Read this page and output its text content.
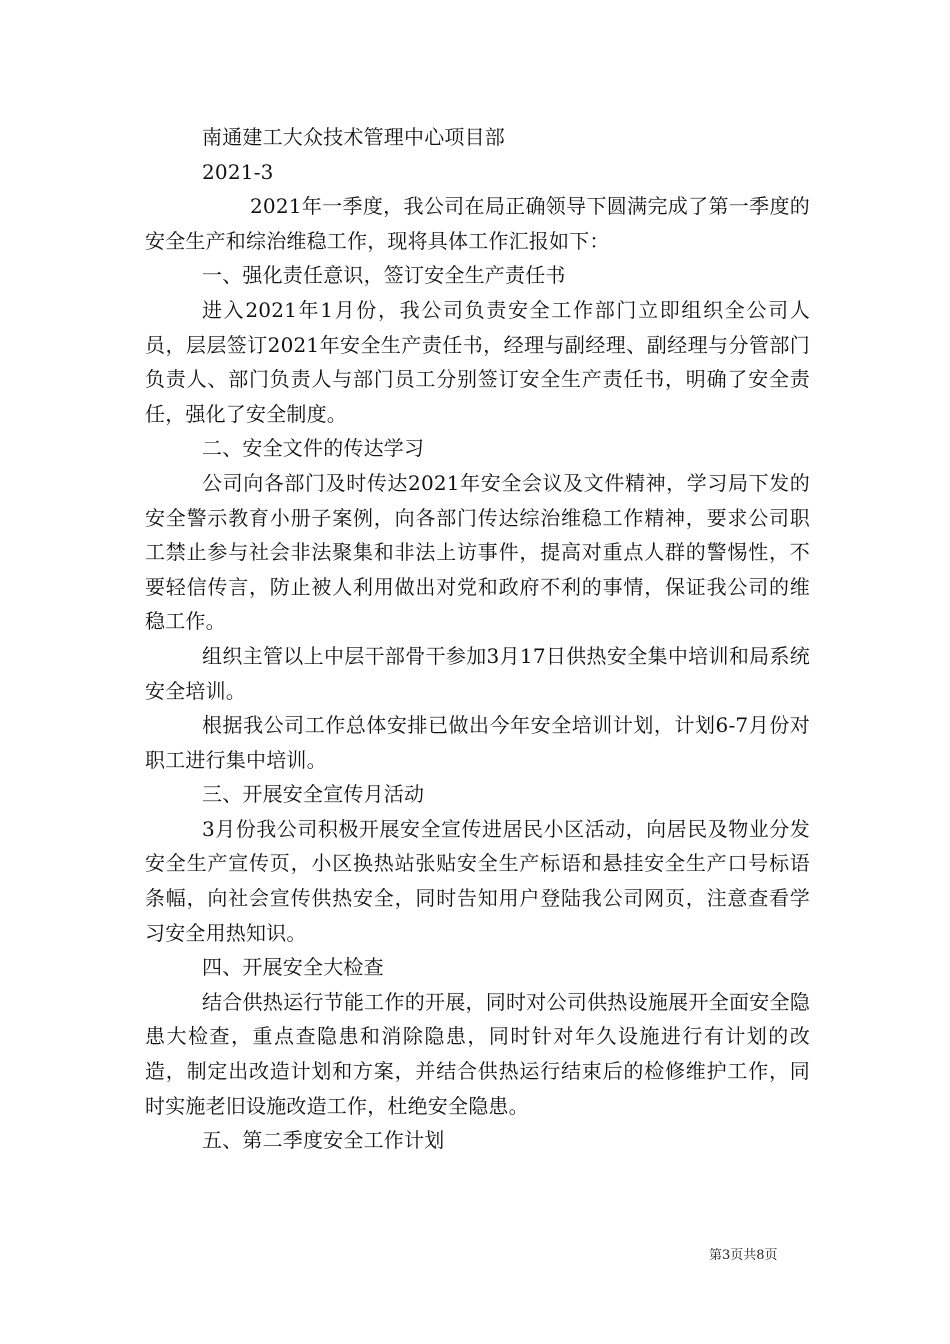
南通建工大众技术管理中心项目部

2021-3

2021年一季度，我公司在局正确领导下圆满完成了第一季度的安全生产和综治维稳工作，现将具体工作汇报如下：

一、强化责任意识，签订安全生产责任书

进入2021年1月份，我公司负责安全工作部门立即组织全公司人员，层层签订2021年安全生产责任书，经理与副经理、副经理与分管部门负责人、部门负责人与部门员工分别签订安全生产责任书，明确了安全责任，强化了安全制度。

二、安全文件的传达学习

公司向各部门及时传达2021年安全会议及文件精神，学习局下发的安全警示教育小册子案例，向各部门传达综治维稳工作精神，要求公司职工禁止参与社会非法聚集和非法上访事件，提高对重点人群的警惕性，不要轻信传言，防止被人利用做出对党和政府不利的事情，保证我公司的维稳工作。

组织主管以上中层干部骨干参加3月17日供热安全集中培训和局系统安全培训。

根据我公司工作总体安排已做出今年安全培训计划，计划6-7月份对职工进行集中培训。

三、开展安全宣传月活动

3月份我公司积极开展安全宣传进居民小区活动，向居民及物业分发安全生产宣传页，小区换热站张贴安全生产标语和悬挂安全生产口号标语条幅，向社会宣传供热安全，同时告知用户登陆我公司网页，注意查看学习安全用热知识。

四、开展安全大检查

结合供热运行节能工作的开展，同时对公司供热设施展开全面安全隐患大检查，重点查隐患和消除隐患，同时针对年久设施进行有计划的改造，制定出改造计划和方案，并结合供热运行结束后的检修维护工作，同时实施老旧设施改造工作，杜绝安全隐患。

五、第二季度安全工作计划

第3页共8页
